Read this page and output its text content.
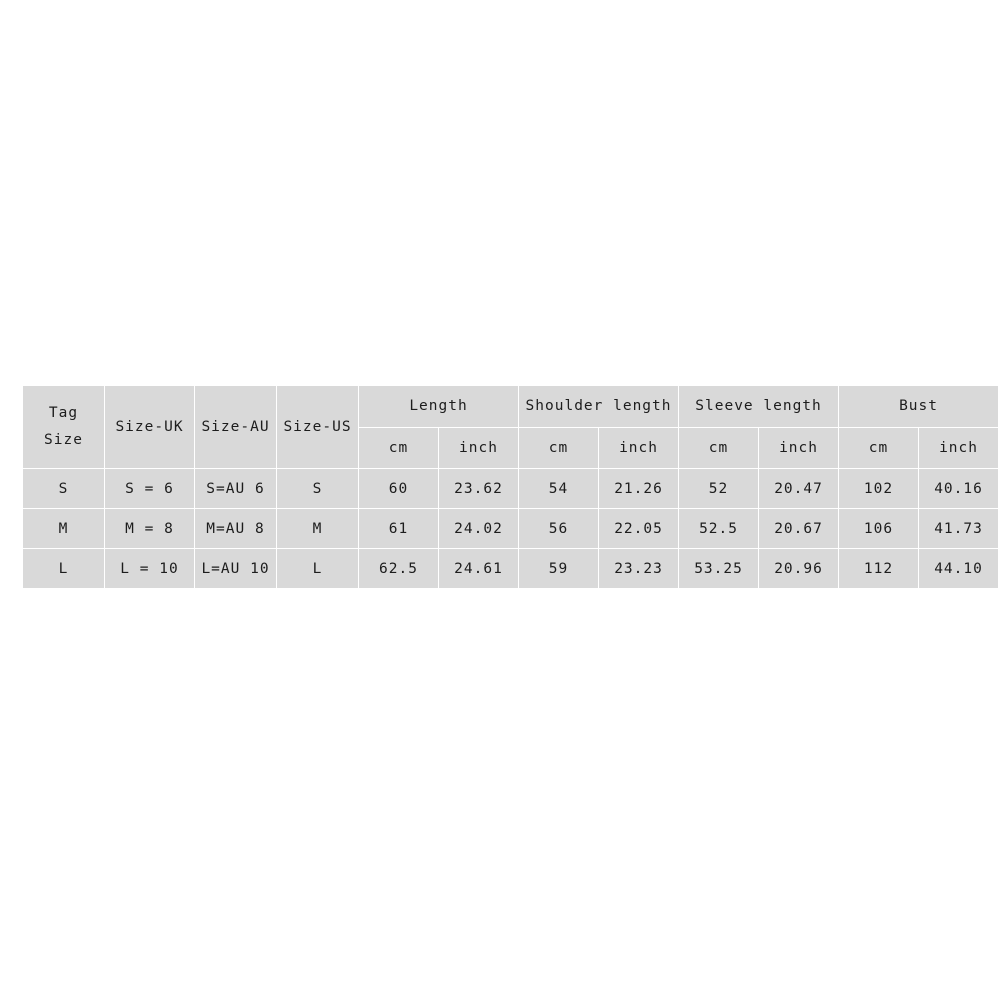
Tag
Size	Size-UK	Size-AU	Size-US	Length		Shoulder length		Sleeve length		Bust	
				cm	inch	cm	inch	cm	inch	cm	inch
S	S = 6	S=AU 6	S	60	23.62	54	21.26	52	20.47	102	40.16
M	M = 8	M=AU 8	M	61	24.02	56	22.05	52.5	20.67	106	41.73
L	L = 10	L=AU 10	L	62.5	24.61	59	23.23	53.25	20.96	112	44.10
